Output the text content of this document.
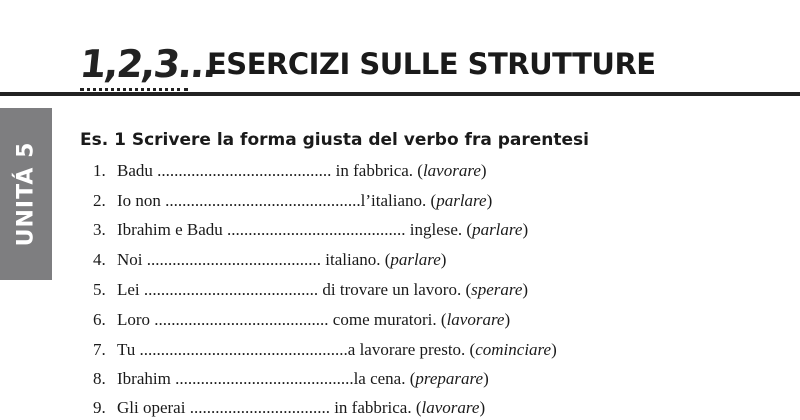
1,2,3...
ESERCIZI SULLE STRUTTURE
UNITÁ 5
Es. 1 Scrivere la forma giusta del verbo fra parentesi
1. Badu ......................................... in fabbrica. (lavorare)
2. Io non ..............................................l’italiano. (parlare)
3. Ibrahim e Badu .......................................... inglese. (parlare)
4. Noi ......................................... italiano. (parlare)
5. Lei ......................................... di trovare un lavoro. (sperare)
6. Loro ......................................... come muratori. (lavorare)
7. Tu .................................................a lavorare presto. (cominciare)
8. Ibrahim ..........................................la cena. (preparare)
9. Gli operai ................................. in fabbrica. (lavorare)
